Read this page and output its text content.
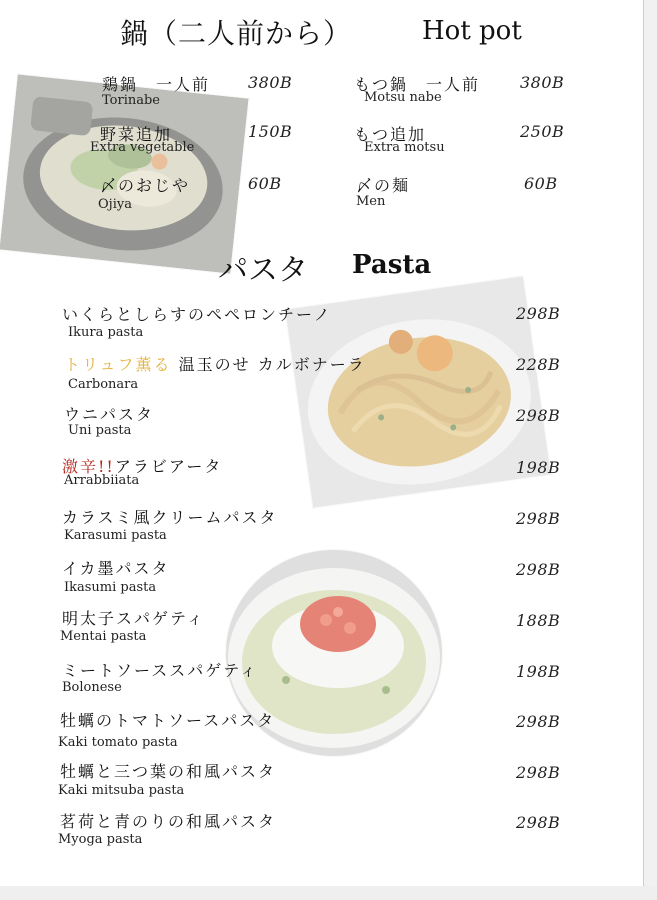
鍋（二人前から）	Hot pot
鶏鍋　一人前
Torinabe
380B
野菜追加
Extra vegetable
150B
〆のおじや
Ojiya
60B
もつ鍋　一人前
Motsu nabe
380B
もつ追加
Extra motsu
250B
〆の麺
Men
60B
パスタ Pasta
いくらとしらすのペペロンチーノ
Ikura pasta
298B
トリュフ薫る 温玉のせ カルボナーラ
Carbonara
228B
ウニパスタ
Uni pasta
298B
激辛!!アラビアータ
Arrabbiiata
198B
カラスミ風クリームパスタ
Karasumi pasta
298B
イカ墨パスタ
Ikasumi pasta
298B
明太子スパゲティ
Mentai pasta
188B
ミートソーススパゲティ
Bolonese
198B
牡蠣のトマトソースパスタ
Kaki tomato pasta
298B
牡蠣と三つ葉の和風パスタ
Kaki mitsuba pasta
298B
茗荷と青のりの和風パスタ
Myoga pasta
298B
